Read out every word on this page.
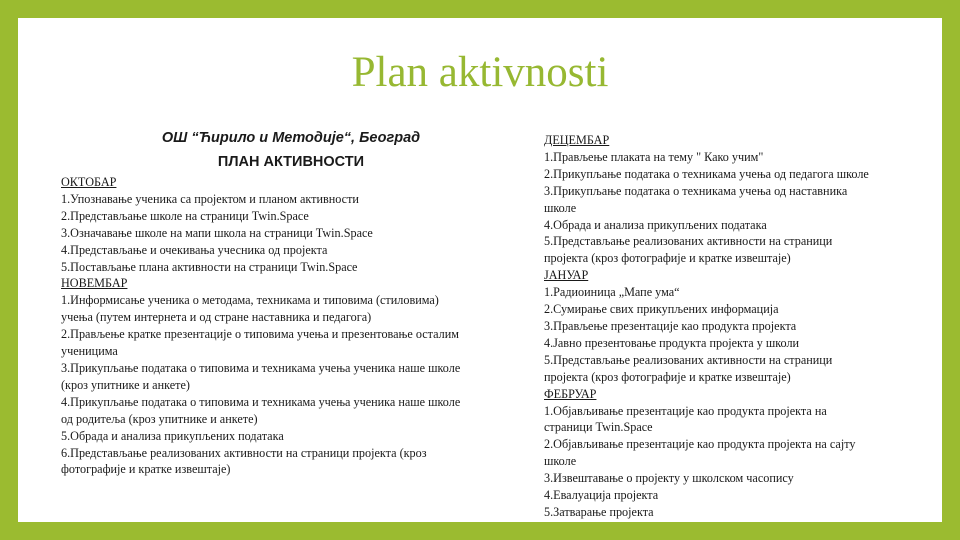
Plan aktivnosti
ОШ “Ћирило и Методије“, Београд
ПЛАН АКТИВНОСТИ
ОКТОБАР
1.Упознавање ученика са пројектом и планом активности
2.Представљање школе на страници Twin.Space
3.Означавање школе на мапи школа на страници Twin.Space
4.Представљање и очекивања учесника од пројекта
5.Постављање плана активности на страници Twin.Space
НОВЕМБАР
1.Информисање ученика о методама, техникама и типовима (стиловима)
учења (путем интернета и од стране наставника и педагога)
2.Прављење кратке презентације о типовима учења и презентовање осталим
ученицима
3.Прикупљање података о типовима и техникама учења ученика наше школе
(кроз упитнике и анкете)
4.Прикупљање података о типовима и техникама учења ученика наше школе
од родитеља (кроз упитнике и анкете)
5.Обрада и анализа прикупљених података
6.Представљање реализованих активности на страници пројекта (кроз
фотографије и кратке извештаје)
ДЕЦЕМБАР
1.Прављење плаката на тему " Како учим"
2.Прикупљање података о техникама учења од педагога школе
3.Прикупљање података о техникама учења од наставника
школе
4.Обрада и анализа прикупљених података
5.Представљање реализованих активности на страници
пројекта (кроз фотографије и кратке извештаје)
ЈАНУАР
1.Радиоиница „Мапе ума“
2.Сумирање свих прикупљених информација
3.Прављење презентације као продукта пројекта
4.Јавно презентовање продукта пројекта у школи
5.Представљање реализованих активности на страници
пројекта (кроз фотографије и кратке извештаје)
ФЕБРУАР
1.Објављивање презентације као продукта пројекта на
страници Twin.Space
2.Објављивање презентације као продукта пројекта на сајту
школе
3.Извештавање о пројекту у школском часопису
4.Евалуација пројекта
5.Затварање пројекта
